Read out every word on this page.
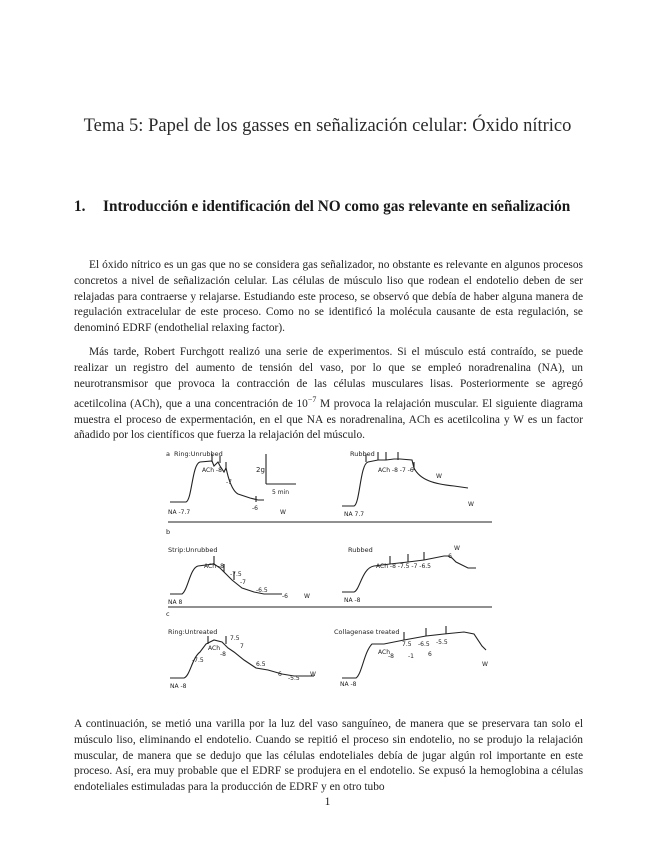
Tema 5: Papel de los gasses en señalización celular: Óxido nítrico
1.	Introducción e identificación del NO como gas relevante en señalización

El óxido nítrico es un gas que no se considera gas señalizador, no obstante es relevante en algunos procesos concretos a nivel de señalización celular. Las células de músculo liso que rodean el endotelio deben de ser relajadas para contraerse y relajarse. Estudiando este proceso, se observó que debía de haber alguna manera de regulación extracelular de este proceso. Como no se identificó la molécula causante de esta regulación, se denominó EDRF (endothelial relaxing factor).

Más tarde, Robert Furchgott realizó una serie de experimentos. Si el músculo está contraído, se puede realizar un registro del aumento de tensión del vaso, por lo que se empleó noradrenalina (NA), un neurotransmisor que provoca la contracción de las células musculares lisas. Posteriormente se agregó acetilcolina (ACh), que a una concentración de $10^{-7}$ M provoca la relajación muscular. El siguiente diagrama muestra el proceso de expermentación, en el que NA es noradrenalina, ACh es acetilcolina y W es un factor añadido por los científicos que fuerza la relajación del músculo.

a Ring:Unrubbed	Rubbed
b
Strip:Unrubbed	Rubbed
c
Ring:Untreated	Collagenase treated
2g
5 min
NA -7.7
ACh -8
-7
-6
W	NA 7.7
ACh -8 -7 -6
W
W
NA 8
ACh -8
-7.5
-7
-6.5
-6	W
NA -8
ACh -8 -7.5 -7 -6.5
-6
W
NA -8
ACh
-7.5
-8
7.5
7
6.5
6
-5.5
W
NA -8
ACh
-8
7.5
-1
-6.5
6
-5.5
W

A continuación, se metió una varilla por la luz del vaso sanguíneo, de manera que se preservara tan solo el músculo liso, eliminando el endotelio. Cuando se repitió el proceso sin endotelio, no se produjo la relajación muscular, de manera que se dedujo que las células endoteliales debía de jugar algún rol importante en este proceso. Así, era muy probable que el EDRF se produjera en el endotelio. Se expusó la hemoglobina a células endoteliales estimuladas para la producción de EDRF y en otro tubo

1
